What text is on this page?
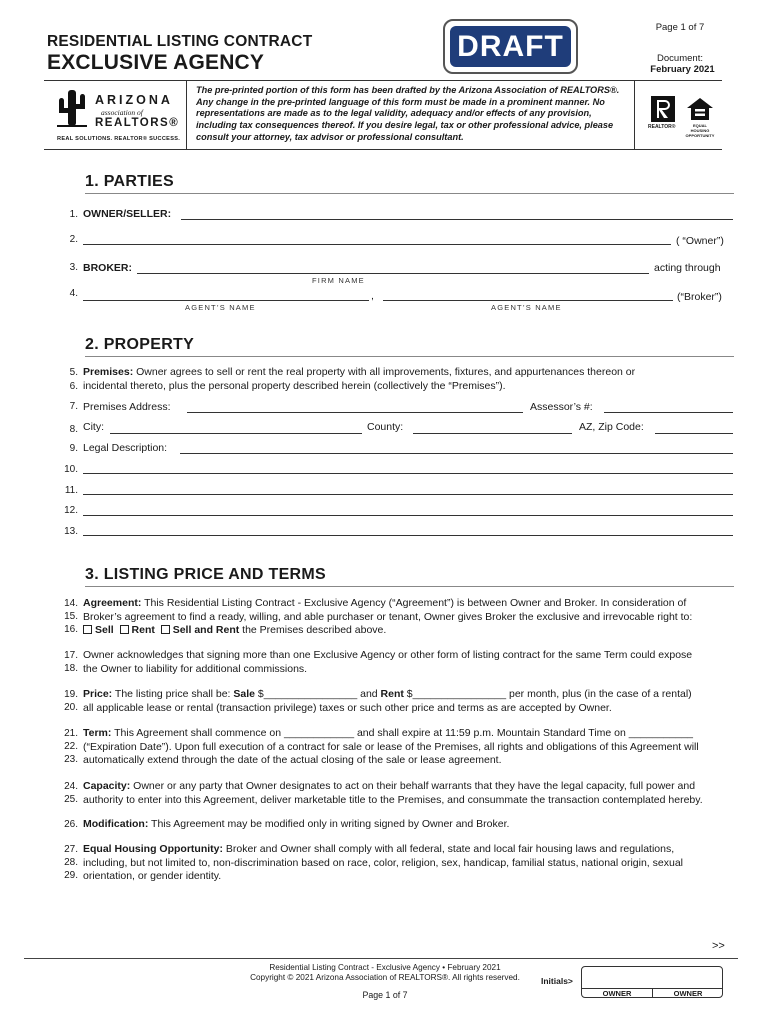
RESIDENTIAL LISTING CONTRACT
EXCLUSIVE AGENCY	DRAFT
Page 1 of 7
Document:
February 2021
ARIZONA
association of
REALTORS®
REAL SOLUTIONS. REALTOR® SUCCESS.
The pre-printed portion of this form has been drafted by the Arizona Association of REALTORS®. Any change in the pre-printed language of this form must be made in a prominent manner. No representations are made as to the legal validity, adequacy and/or effects of any provision, including tax consequences thereof. If you desire legal, tax or other professional advice, please consult your attorney, tax advisor or professional consultant.
REALTOR®	EQUAL HOUSING OPPORTUNITY
1. PARTIES
1. OWNER/SELLER:
2.	( “Owner”)
3. BROKER:	acting through
FIRM NAME
4.	,	(“Broker”)
AGENT’S NAME	AGENT’S NAME
2. PROPERTY
5.
6.
Premises: Owner agrees to sell or rent the real property with all improvements, fixtures, and appurtenances thereon or
incidental thereto, plus the personal property described herein (collectively the “Premises”).
7. Premises Address:	Assessor’s #:
8. City:	County:	AZ, Zip Code:
9. Legal Description:
10.
11.
12.
13.
3. LISTING PRICE AND TERMS
14.
15.
16.
Agreement: This Residential Listing Contract - Exclusive Agency (“Agreement”) is between Owner and Broker. In consideration of
Broker’s agreement to find a ready, willing, and able purchaser or tenant, Owner gives Broker the exclusive and irrevocable right to:
Sell Rent Sell and Rent the Premises described above.
17.
18.
Owner acknowledges that signing more than one Exclusive Agency or other form of listing contract for the same Term could expose
the Owner to liability for additional commissions.
19.
20.
Price: The listing price shall be: Sale $________________ and Rent $________________ per month, plus (in the case of a rental)
all applicable lease or rental (transaction privilege) taxes or such other price and terms as are accepted by Owner.
21.
22.
23.
Term: This Agreement shall commence on ____________ and shall expire at 11:59 p.m. Mountain Standard Time on ___________
(“Expiration Date”). Upon full execution of a contract for sale or lease of the Premises, all rights and obligations of this Agreement will
automatically extend through the date of the actual closing of the sale or lease agreement.
24.
25.
Capacity: Owner or any party that Owner designates to act on their behalf warrants that they have the legal capacity, full power and
authority to enter into this Agreement, deliver marketable title to the Premises, and consummate the transaction contemplated hereby.
26. Modification: This Agreement may be modified only in writing signed by Owner and Broker.
27.
28.
29.
Equal Housing Opportunity: Broker and Owner shall comply with all federal, state and local fair housing laws and regulations,
including, but not limited to, non-discrimination based on race, color, religion, sex, handicap, familial status, national origin, sexual
orientation, or gender identity.
>>
Residential Listing Contract - Exclusive Agency • February 2021
Copyright © 2021 Arizona Association of REALTORS®. All rights reserved.
Page 1 of 7
Initials>
OWNER	OWNER
